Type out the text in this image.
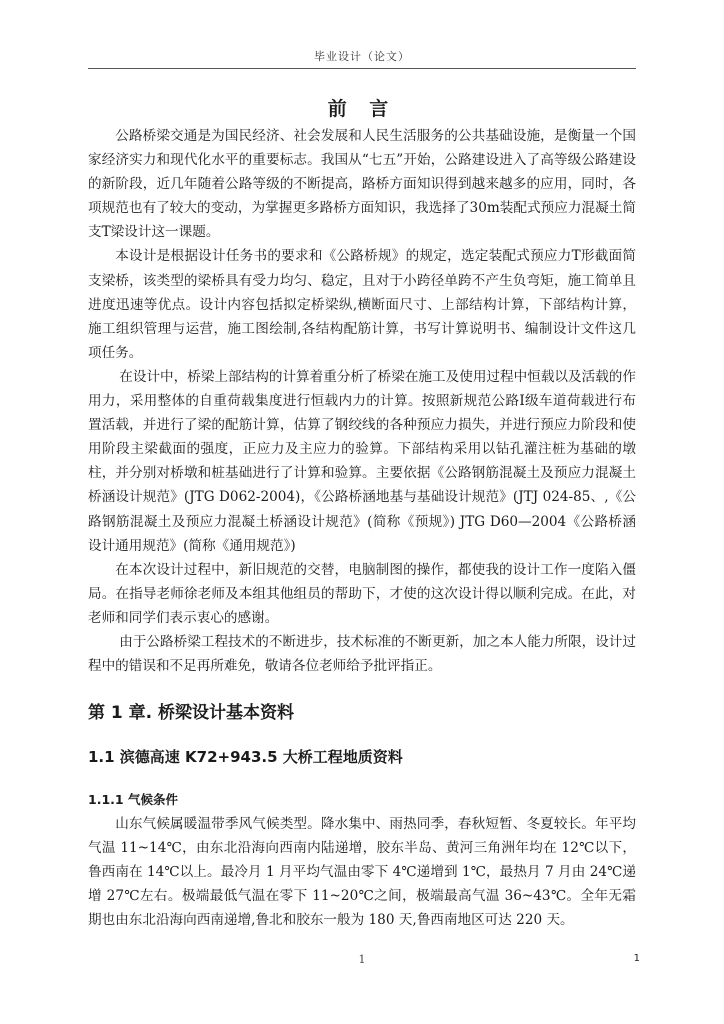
毕业设计（论文）
前 言

公路桥梁交通是为国民经济、社会发展和人民生活服务的公共基础设施，是衡量一个国家经济实力和现代化水平的重要标志。我国从“七五”开始，公路建设进入了高等级公路建设的新阶段，近几年随着公路等级的不断提高，路桥方面知识得到越来越多的应用，同时，各项规范也有了较大的变动，为掌握更多路桥方面知识，我选择了30m装配式预应力混凝土简支T梁设计这一课题。

本设计是根据设计任务书的要求和《公路桥规》的规定，选定装配式预应力T形截面简支梁桥，该类型的梁桥具有受力均匀、稳定，且对于小跨径单跨不产生负弯矩，施工简单且进度迅速等优点。设计内容包括拟定桥梁纵,横断面尺寸、上部结构计算，下部结构计算，施工组织管理与运营，施工图绘制,各结构配筋计算，书写计算说明书、编制设计文件这几项任务。

在设计中，桥梁上部结构的计算着重分析了桥梁在施工及使用过程中恒载以及活载的作用力，采用整体的自重荷载集度进行恒载内力的计算。按照新规范公路I级车道荷载进行布置活载，并进行了梁的配筋计算，估算了钢绞线的各种预应力损失，并进行预应力阶段和使用阶段主梁截面的强度，正应力及主应力的验算。下部结构采用以钻孔灌注桩为基础的墩柱，并分别对桥墩和桩基础进行了计算和验算。主要依据《公路钢筋混凝土及预应力混凝土桥涵设计规范》(JTG D062-2004)，《公路桥涵地基与基础设计规范》(JTJ 024-85、,《公路钢筋混凝土及预应力混凝土桥涵设计规范》(简称《预规》) JTG D60—2004《公路桥涵设计通用规范》(简称《通用规范》)

在本次设计过程中，新旧规范的交替，电脑制图的操作，都使我的设计工作一度陷入僵局。在指导老师徐老师及本组其他组员的帮助下，才使的这次设计得以顺利完成。在此，对老师和同学们表示衷心的感谢。

由于公路桥梁工程技术的不断进步，技术标准的不断更新，加之本人能力所限，设计过程中的错误和不足再所难免，敬请各位老师给予批评指正。

第 1 章. 桥梁设计基本资料
1.1 滨德高速 K72+943.5 大桥工程地质资料
1.1.1 气候条件

山东气候属暖温带季风气候类型。降水集中、雨热同季，春秋短暂、冬夏较长。年平均气温 11~14℃，由东北沿海向西南内陆递增，胶东半岛、黄河三角洲年均在 12℃以下，鲁西南在 14℃以上。最冷月 1 月平均气温由零下 4℃递增到 1℃，最热月 7 月由 24℃递增 27℃左右。极端最低气温在零下 11~20℃之间，极端最高气温 36~43℃。全年无霜期也由东北沿海向西南递增,鲁北和胶东一般为 180 天,鲁西南地区可达 220 天。

1	1
